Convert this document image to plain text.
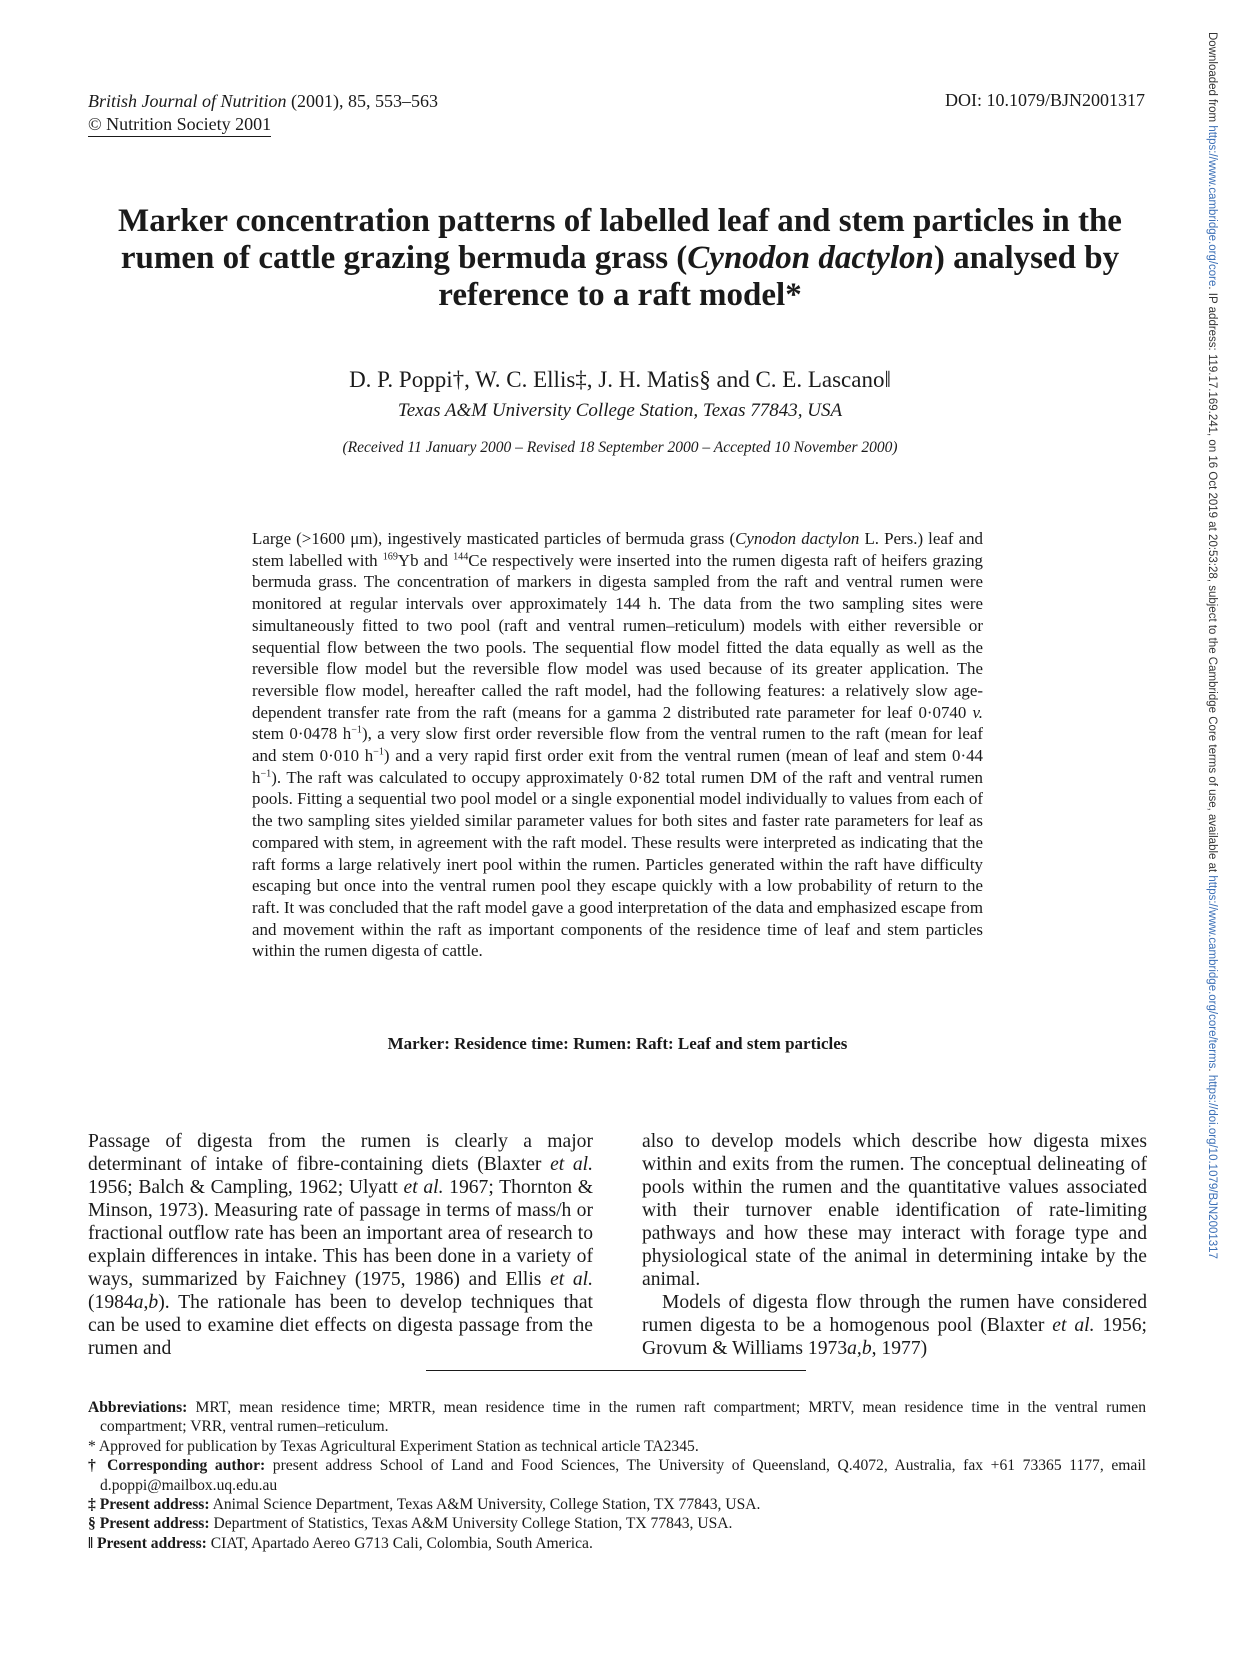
British Journal of Nutrition (2001), 85, 553–563
© Nutrition Society 2001
DOI: 10.1079/BJN2001317	Downloaded from https://www.cambridge.org/core. IP address: 119.17.169.241, on 16 Oct 2019 at 20:53:28, subject to the Cambridge Core terms of use, available at https://www.cambridge.org/core/terms. https://doi.org/10.1079/BJN2001317
Marker concentration patterns of labelled leaf and stem particles in the rumen of cattle grazing bermuda grass (Cynodon dactylon) analysed by reference to a raft model*
D. P. Poppi†, W. C. Ellis‡, J. H. Matis§ and C. E. Lascano‖
Texas A&M University College Station, Texas 77843, USA
(Received 11 January 2000 – Revised 18 September 2000 – Accepted 10 November 2000)
Large (>1600 μm), ingestively masticated particles of bermuda grass (Cynodon dactylon L. Pers.) leaf and stem labelled with $^{169}$Yb and $^{144}$Ce respectively were inserted into the rumen digesta raft of heifers grazing bermuda grass. The concentration of markers in digesta sampled from the raft and ventral rumen were monitored at regular intervals over approximately 144 h. The data from the two sampling sites were simultaneously fitted to two pool (raft and ventral rumen–reticulum) models with either reversible or sequential flow between the two pools. The sequential flow model fitted the data equally as well as the reversible flow model but the reversible flow model was used because of its greater application. The reversible flow model, hereafter called the raft model, had the following features: a relatively slow age-dependent transfer rate from the raft (means for a gamma 2 distributed rate parameter for leaf 0·0740 v. stem 0·0478 $h^{-1}$), a very slow first order reversible flow from the ventral rumen to the raft (mean for leaf and stem 0·010 $h^{-1}$) and a very rapid first order exit from the ventral rumen (mean of leaf and stem 0·44 $h^{-1}$). The raft was calculated to occupy approximately 0·82 total rumen DM of the raft and ventral rumen pools. Fitting a sequential two pool model or a single exponential model individually to values from each of the two sampling sites yielded similar parameter values for both sites and faster rate parameters for leaf as compared with stem, in agreement with the raft model. These results were interpreted as indicating that the raft forms a large relatively inert pool within the rumen. Particles generated within the raft have difficulty escaping but once into the ventral rumen pool they escape quickly with a low probability of return to the raft. It was concluded that the raft model gave a good interpretation of the data and emphasized escape from and movement within the raft as important components of the residence time of leaf and stem particles within the rumen digesta of cattle.
Marker: Residence time: Rumen: Raft: Leaf and stem particles

Passage of digesta from the rumen is clearly a major determinant of intake of fibre-containing diets (Blaxter et al. 1956; Balch & Campling, 1962; Ulyatt et al. 1967; Thornton & Minson, 1973). Measuring rate of passage in terms of mass/h or fractional outflow rate has been an important area of research to explain differences in intake. This has been done in a variety of ways, summarized by Faichney (1975, 1986) and Ellis et al. (1984a,b). The rationale has been to develop techniques that can be used to examine diet effects on digesta passage from the rumen and

also to develop models which describe how digesta mixes within and exits from the rumen. The conceptual delineating of pools within the rumen and the quantitative values associated with their turnover enable identification of rate-limiting pathways and how these may interact with forage type and physiological state of the animal in determining intake by the animal.

Models of digesta flow through the rumen have considered rumen digesta to be a homogenous pool (Blaxter et al. 1956; Grovum & Williams 1973a,b, 1977)

Abbreviations: MRT, mean residence time; MRTR, mean residence time in the rumen raft compartment; MRTV, mean residence time in the ventral rumen compartment; VRR, ventral rumen–reticulum.
* Approved for publication by Texas Agricultural Experiment Station as technical article TA2345.
† Corresponding author: present address School of Land and Food Sciences, The University of Queensland, Q.4072, Australia, fax +61 73365 1177, email d.poppi@mailbox.uq.edu.au
‡ Present address: Animal Science Department, Texas A&M University, College Station, TX 77843, USA.
§ Present address: Department of Statistics, Texas A&M University College Station, TX 77843, USA.
‖ Present address: CIAT, Apartado Aereo G713 Cali, Colombia, South America.
